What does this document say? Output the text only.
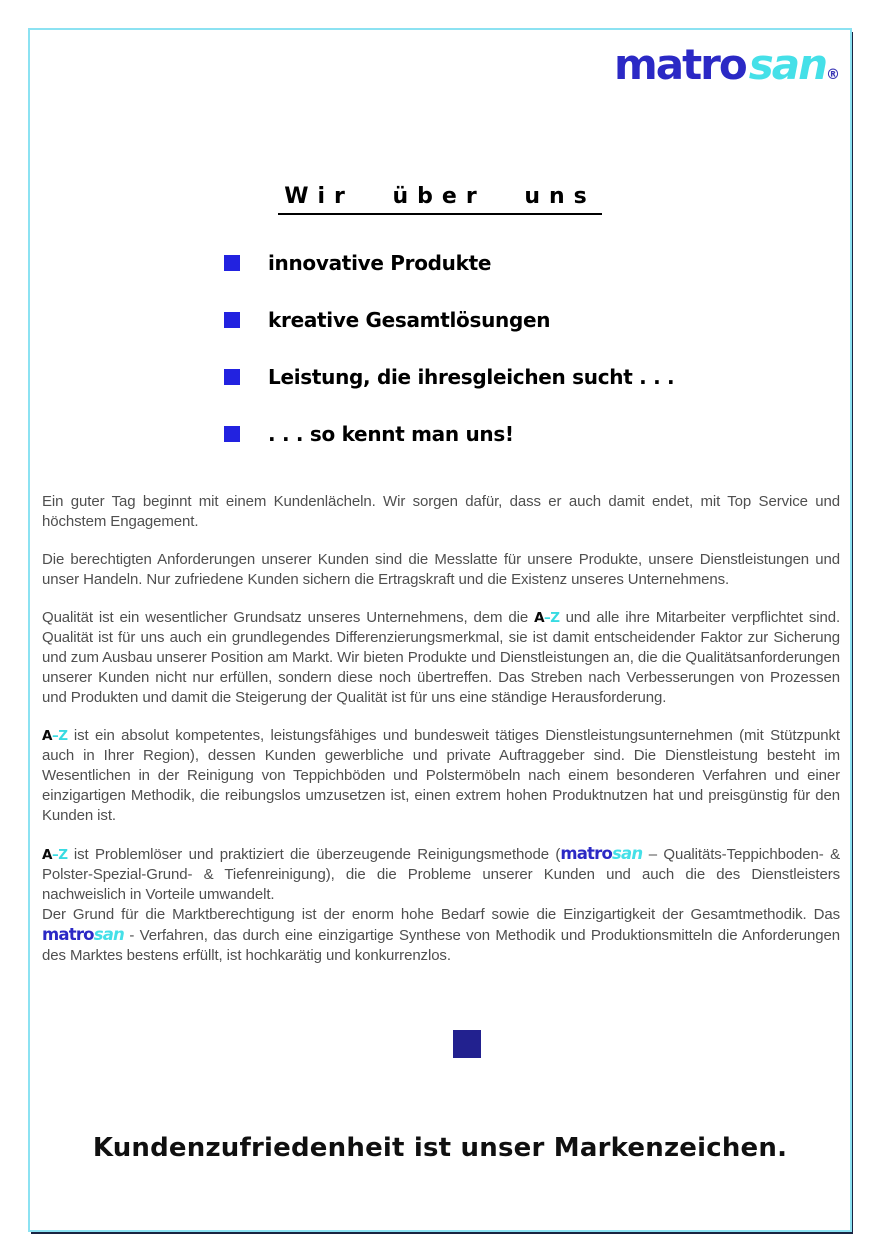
matrosan®
Wir über uns
innovative Produkte
kreative Gesamtlösungen
Leistung, die ihresgleichen sucht . . .
. . . so kennt man uns!
Ein guter Tag beginnt mit einem Kundenlächeln. Wir sorgen dafür, dass er auch damit endet, mit Top Service und höchstem Engagement.
Die berechtigten Anforderungen unserer Kunden sind die Messlatte für unsere Produkte, unsere Dienstleistungen und unser Handeln. Nur zufriedene Kunden sichern die Ertragskraft und die Existenz unseres Unternehmens.
Qualität ist ein wesentlicher Grundsatz unseres Unternehmens, dem die A–Z und alle ihre Mitarbeiter verpflichtet sind. Qualität ist für uns auch ein grundlegendes Differenzierungsmerkmal, sie ist damit entscheidender Faktor zur Sicherung und zum Ausbau unserer Position am Markt. Wir bieten Produkte und Dienstleistungen an, die die Qualitätsanforderungen unserer Kunden nicht nur erfüllen, sondern diese noch übertreffen. Das Streben nach Verbesserungen von Prozessen und Produkten und damit die Steigerung der Qualität ist für uns eine ständige Herausforderung.
A–Z ist ein absolut kompetentes, leistungsfähiges und bundesweit tätiges Dienstleistungsunternehmen (mit Stützpunkt auch in Ihrer Region), dessen Kunden gewerbliche und private Auftraggeber sind. Die Dienstleistung besteht im Wesentlichen in der Reinigung von Teppichböden und Polstermöbeln nach einem besonderen Verfahren und einer einzigartigen Methodik, die reibungslos umzusetzen ist, einen extrem hohen Produktnutzen hat und preisgünstig für den Kunden ist.
A–Z ist Problemlöser und praktiziert die überzeugende Reinigungsmethode (matrosan – Qualitäts-Teppichboden- & Polster-Spezial-Grund- & Tiefenreinigung), die die Probleme unserer Kunden und auch die des Dienstleisters nachweislich in Vorteile umwandelt.
Der Grund für die Marktberechtigung ist der enorm hohe Bedarf sowie die Einzigartigkeit der Gesamtmethodik. Das matrosan - Verfahren, das durch eine einzigartige Synthese von Methodik und Produktionsmitteln die Anforderungen des Marktes bestens erfüllt, ist hochkarätig und konkurrenzlos.
Kundenzufriedenheit ist unser Markenzeichen.
